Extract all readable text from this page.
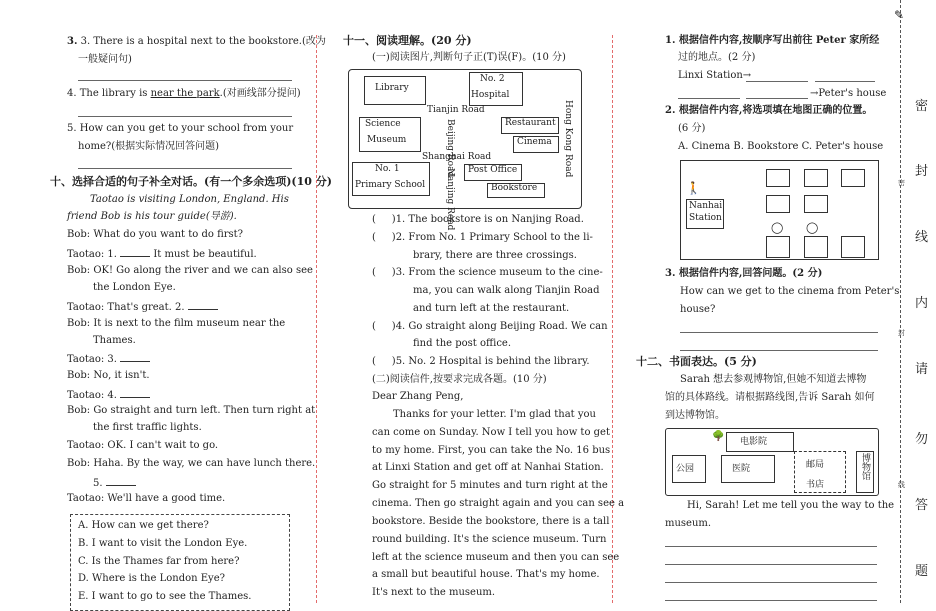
3. 3. There is a hospital next to the bookstore.(改为
一般疑问句)
4. The library is near the park.(对画线部分提问)
5. How can you get to your school from your
home?(根据实际情况回答问题)
十、选择合适的句子补全对话。(有一个多余选项)(10 分)
Taotao is visiting London, England. His
friend Bob is his tour guide(导游).
Bob: What do you want to do first?
Taotao: 1.	It must be beautiful.
Bob: OK! Go along the river and we can also see
the London Eye.
Taotao: That's great. 2.
Bob: It is next to the film museum near the
Thames.
Taotao: 3.
Bob: No, it isn't.
Taotao: 4.
Bob: Go straight and turn left. Then turn right at
the first traffic lights.
Taotao: OK. I can't wait to go.
Bob: Haha. By the way, we can have lunch there.
5.
Taotao: We'll have a good time.
A. How can we get there?
B. I want to visit the London Eye.
C. Is the Thames far from here?
D. Where is the London Eye?
E. I want to go to see the Thames.
十一、阅读理解。(20 分)
(一)阅读图片,判断句子正(T)误(F)。(10 分)
Library
No. 2
Hospital
Tianjin Road
Science
Museum	Beijing Road	Restaurant
Cinema Hong Kong Road
Shanghai Road
No. 1
Primary School Nanjing Road Post Office
Bookstore
(     )1. The bookstore is on Nanjing Road.
(     )2. From No. 1 Primary School to the li-
brary, there are three crossings.
(     )3. From the science museum to the cine-
ma, you can walk along Tianjin Road
and turn left at the restaurant.
(     )4. Go straight along Beijing Road. We can
find the post office.
(     )5. No. 2 Hospital is behind the library.
(二)阅读信件,按要求完成各题。(10 分)
Dear Zhang Peng,
Thanks for your letter. I'm glad that you
can come on Sunday. Now I tell you how to get
to my home. First, you can take the No. 16 bus
at Linxi Station and get off at Nanhai Station.
Go straight for 5 minutes and turn right at the
cinema. Then go straight again and you can see a
bookstore. Beside the bookstore, there is a tall
round building. It's the science museum. Turn
left at the science museum and then you can see
a small but beautiful house. That's my home.
It's next to the museum.
1. 根据信件内容,按顺序写出前往 Peter 家所经
过的地点。(2 分)
Linxi Station→
→Peter's house
2. 根据信件内容,将选项填在地图正确的位置。
(6 分)
A. Cinema B. Bookstore C. Peter's house
🚶
Nanhai
Station
◯ ◯
3. 根据信件内容,回答问题。(2 分)
How can we get to the cinema from Peter's
house?
十二、书面表达。(5 分)
Sarah 想去参观博物馆,但她不知道去博物
馆的具体路线。请根据路线图,告诉 Sarah 如何
到达博物馆。
🌳 电影院
公园	医院	邮局
书店
博物馆
Hi, Sarah! Let me tell you the way to the
museum.
✎
密
封
线
内
请
勿
答
题
密
封
线
